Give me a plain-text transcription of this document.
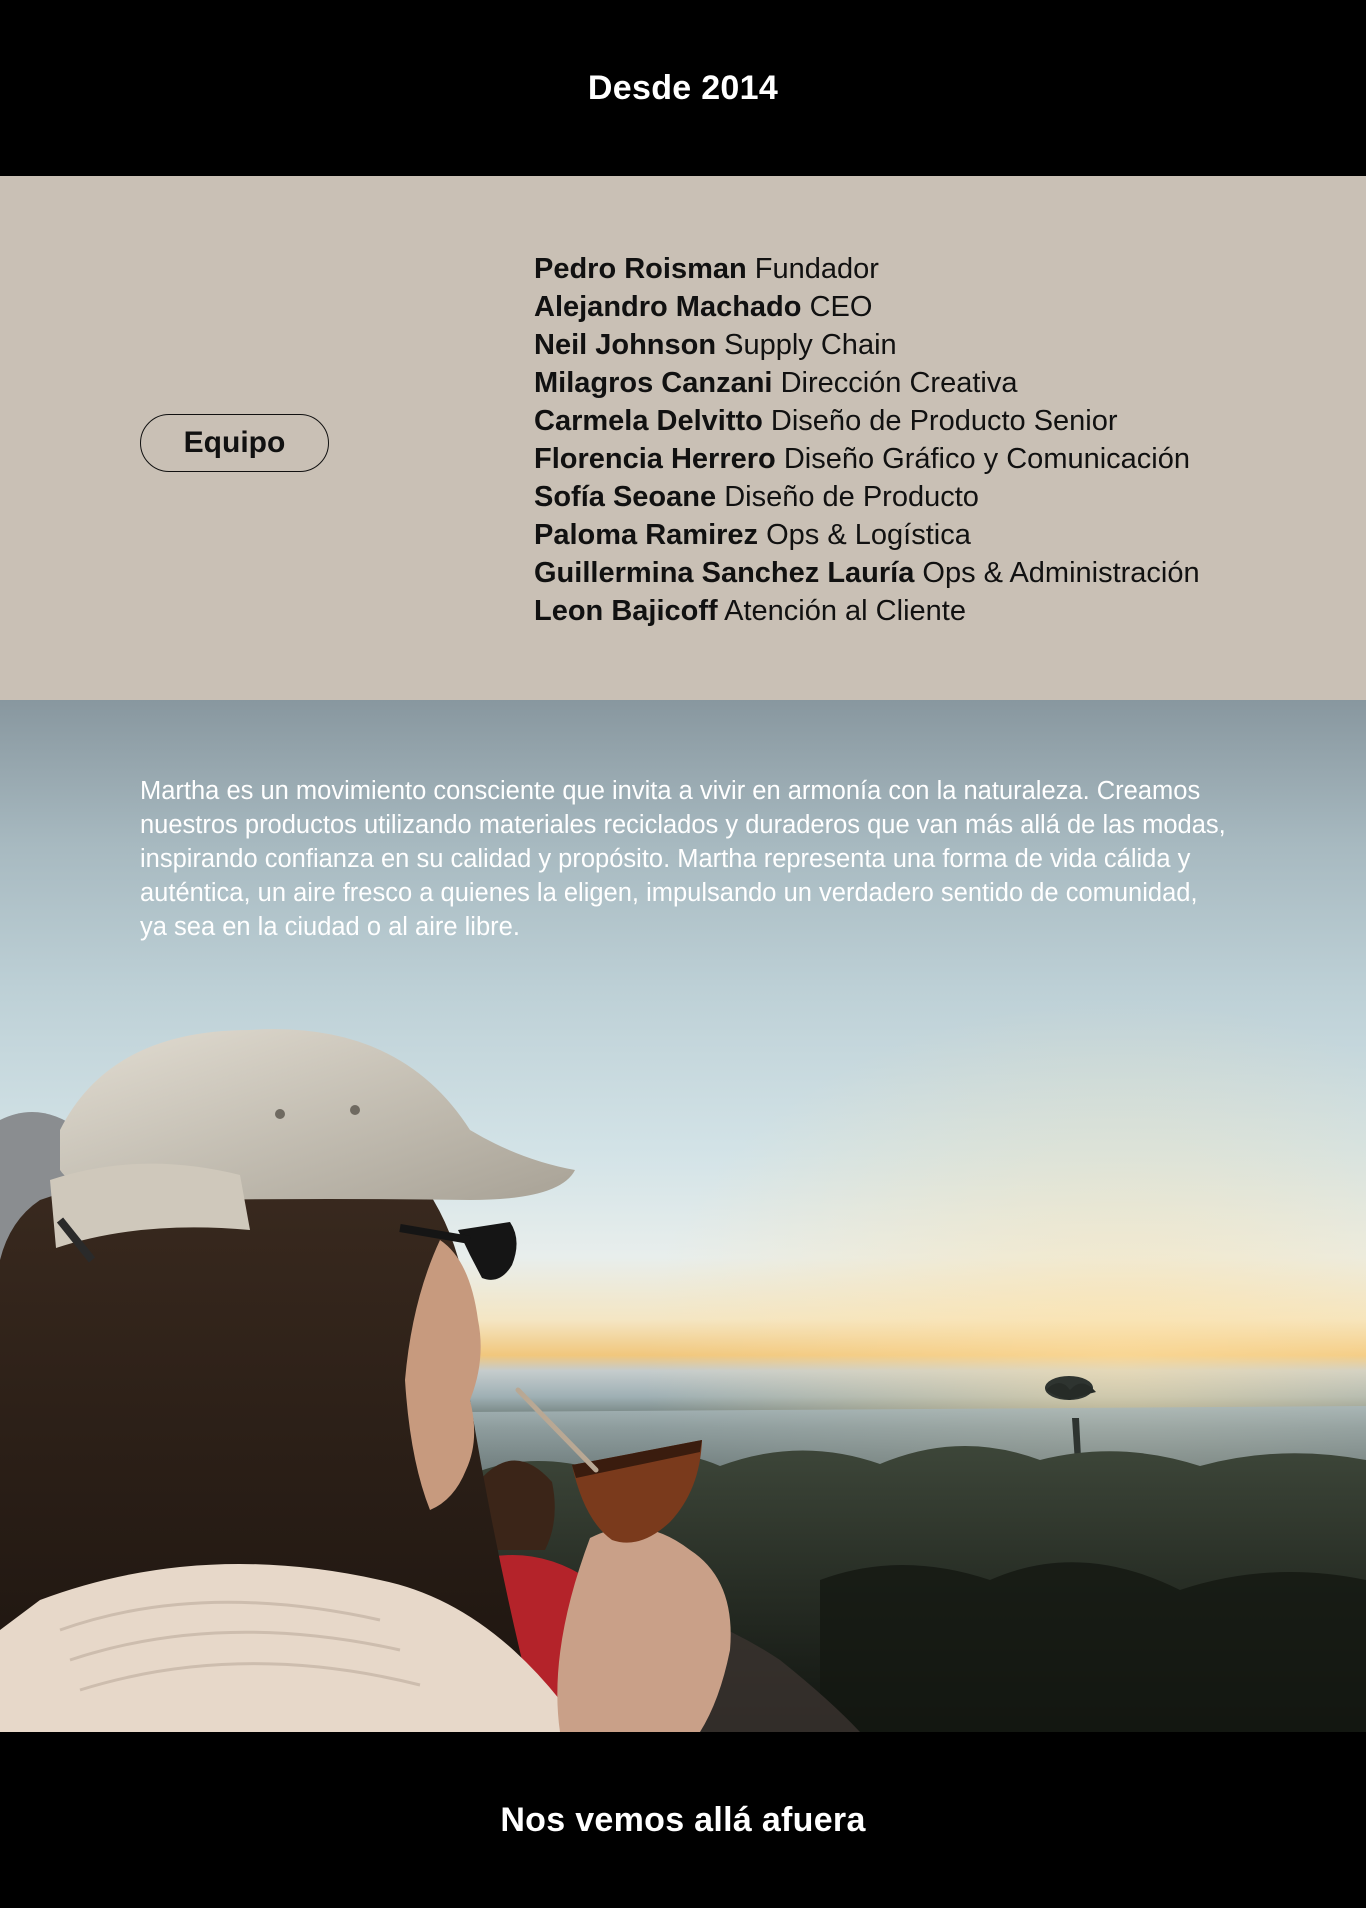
Desde 2014
Equipo
Pedro Roisman Fundador
Alejandro Machado CEO
Neil Johnson Supply Chain
Milagros Canzani Dirección Creativa
Carmela Delvitto Diseño de Producto Senior
Florencia Herrero Diseño Gráfico y Comunicación
Sofía Seoane Diseño de Producto
Paloma Ramirez Ops & Logística
Guillermina Sanchez Lauría Ops & Administración
Leon Bajicoff Atención al Cliente

Martha es un movimiento consciente que invita a vivir en armonía con la naturaleza. Creamos nuestros productos utilizando materiales reciclados y duraderos que van más allá de las modas, inspirando confianza en su calidad y propósito. Martha representa una forma de vida cálida y auténtica, un aire fresco a quienes la eligen, impulsando un verdadero sentido de comunidad, ya sea en la ciudad o al aire libre.

Nos vemos allá afuera
